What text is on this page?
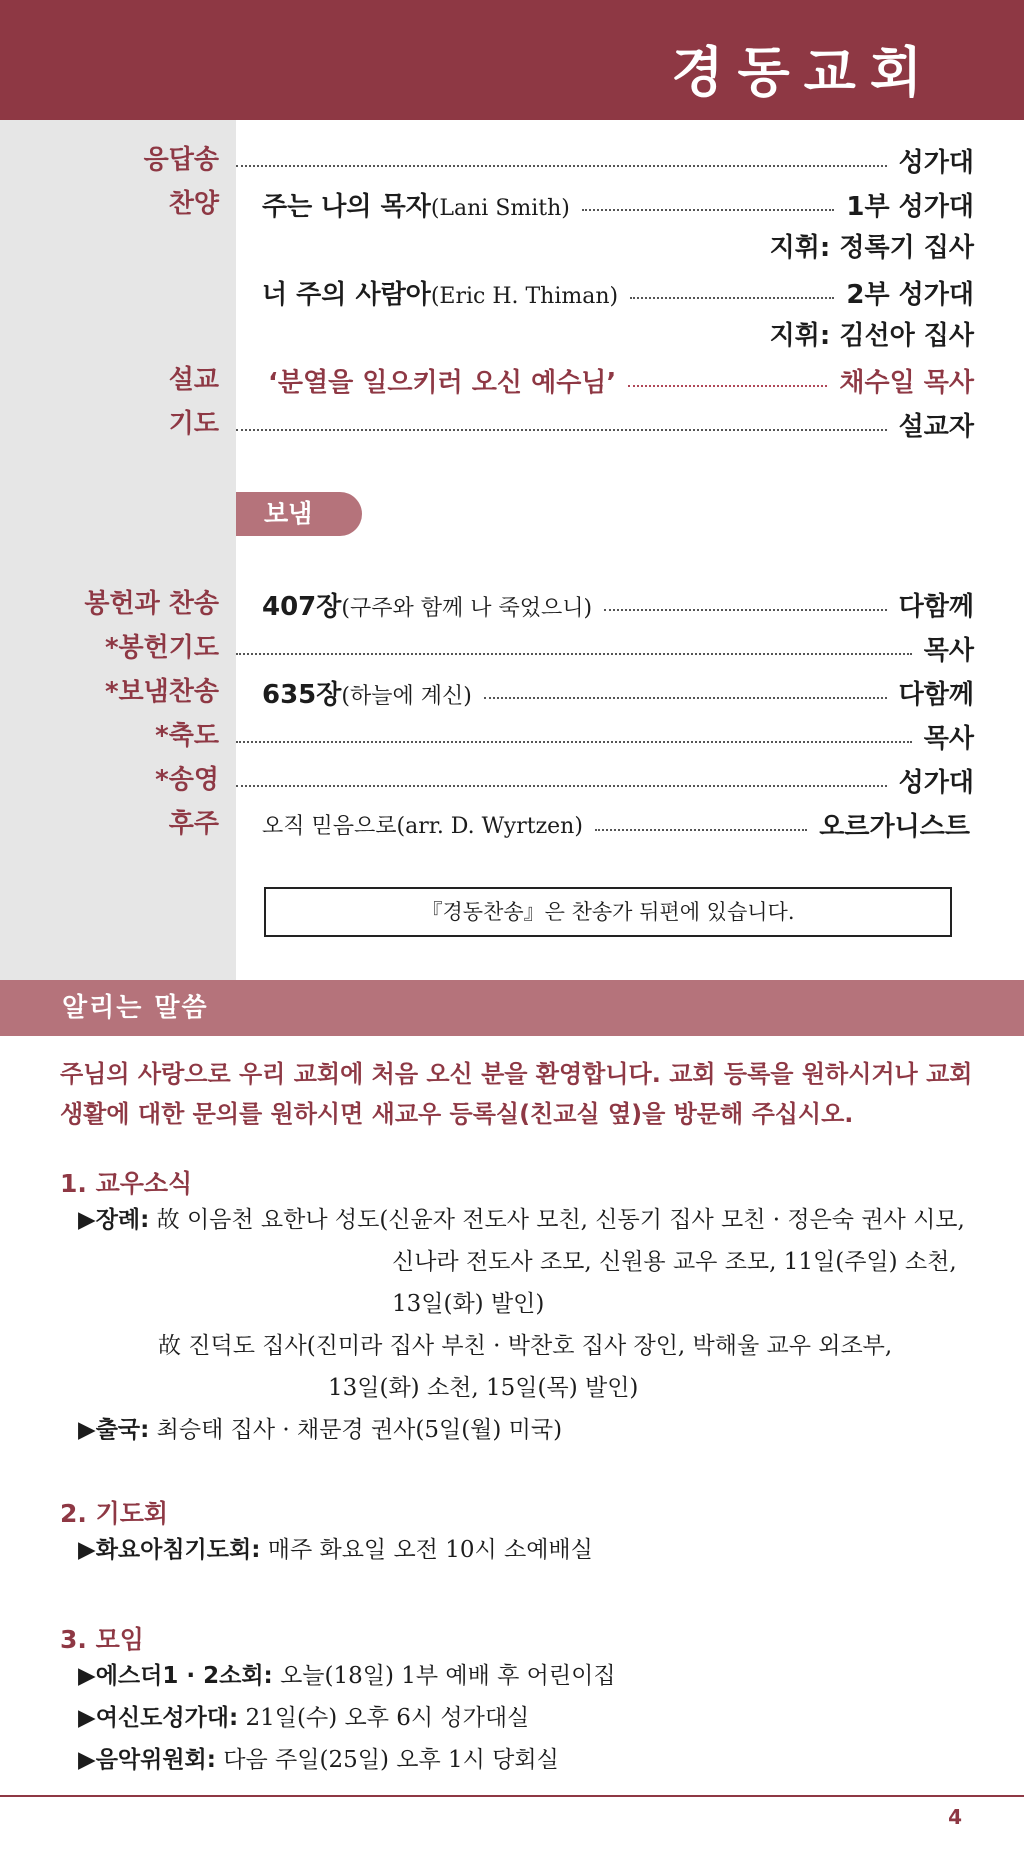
경동교회
응답송	성가대
찬양 주는 나의 목자(Lani Smith)	1부 성가대
지휘: 정록기 집사
너 주의 사람아(Eric H. Thiman)	2부 성가대
지휘: 김선아 집사
설교 ‘분열을 일으키러 오신 예수님’	채수일 목사
기도	설교자
보냄
봉헌과 찬송 407장(구주와 함께 나 죽었으니)	다함께
*봉헌기도	목사
*보냄찬송 635장(하늘에 계신)	다함께
*축도	목사
*송영	성가대
후주 오직 믿음으로(arr. D. Wyrtzen)	오르가니스트
『경동찬송』은 찬송가 뒤편에 있습니다.
알리는 말씀
주님의 사랑으로 우리 교회에 처음 오신 분을 환영합니다. 교회 등록을 원하시거나 교회생활에 대한 문의를 원하시면 새교우 등록실(친교실 옆)을 방문해 주십시오.
1. 교우소식
▶장례: 故 이음천 요한나 성도(신윤자 전도사 모친, 신동기 집사 모친 · 정은숙 권사 시모,
신나라 전도사 조모, 신원용 교우 조모, 11일(주일) 소천,
13일(화) 발인)
故 진덕도 집사(진미라 집사 부친 · 박찬호 집사 장인, 박해울 교우 외조부,
13일(화) 소천, 15일(목) 발인)
▶출국: 최승태 집사 · 채문경 권사(5일(월) 미국)
2. 기도회
▶화요아침기도회: 매주 화요일 오전 10시 소예배실
3. 모임
▶에스더1 · 2소회: 오늘(18일) 1부 예배 후 어린이집
▶여신도성가대: 21일(수) 오후 6시 성가대실
▶음악위원회: 다음 주일(25일) 오후 1시 당회실
4
